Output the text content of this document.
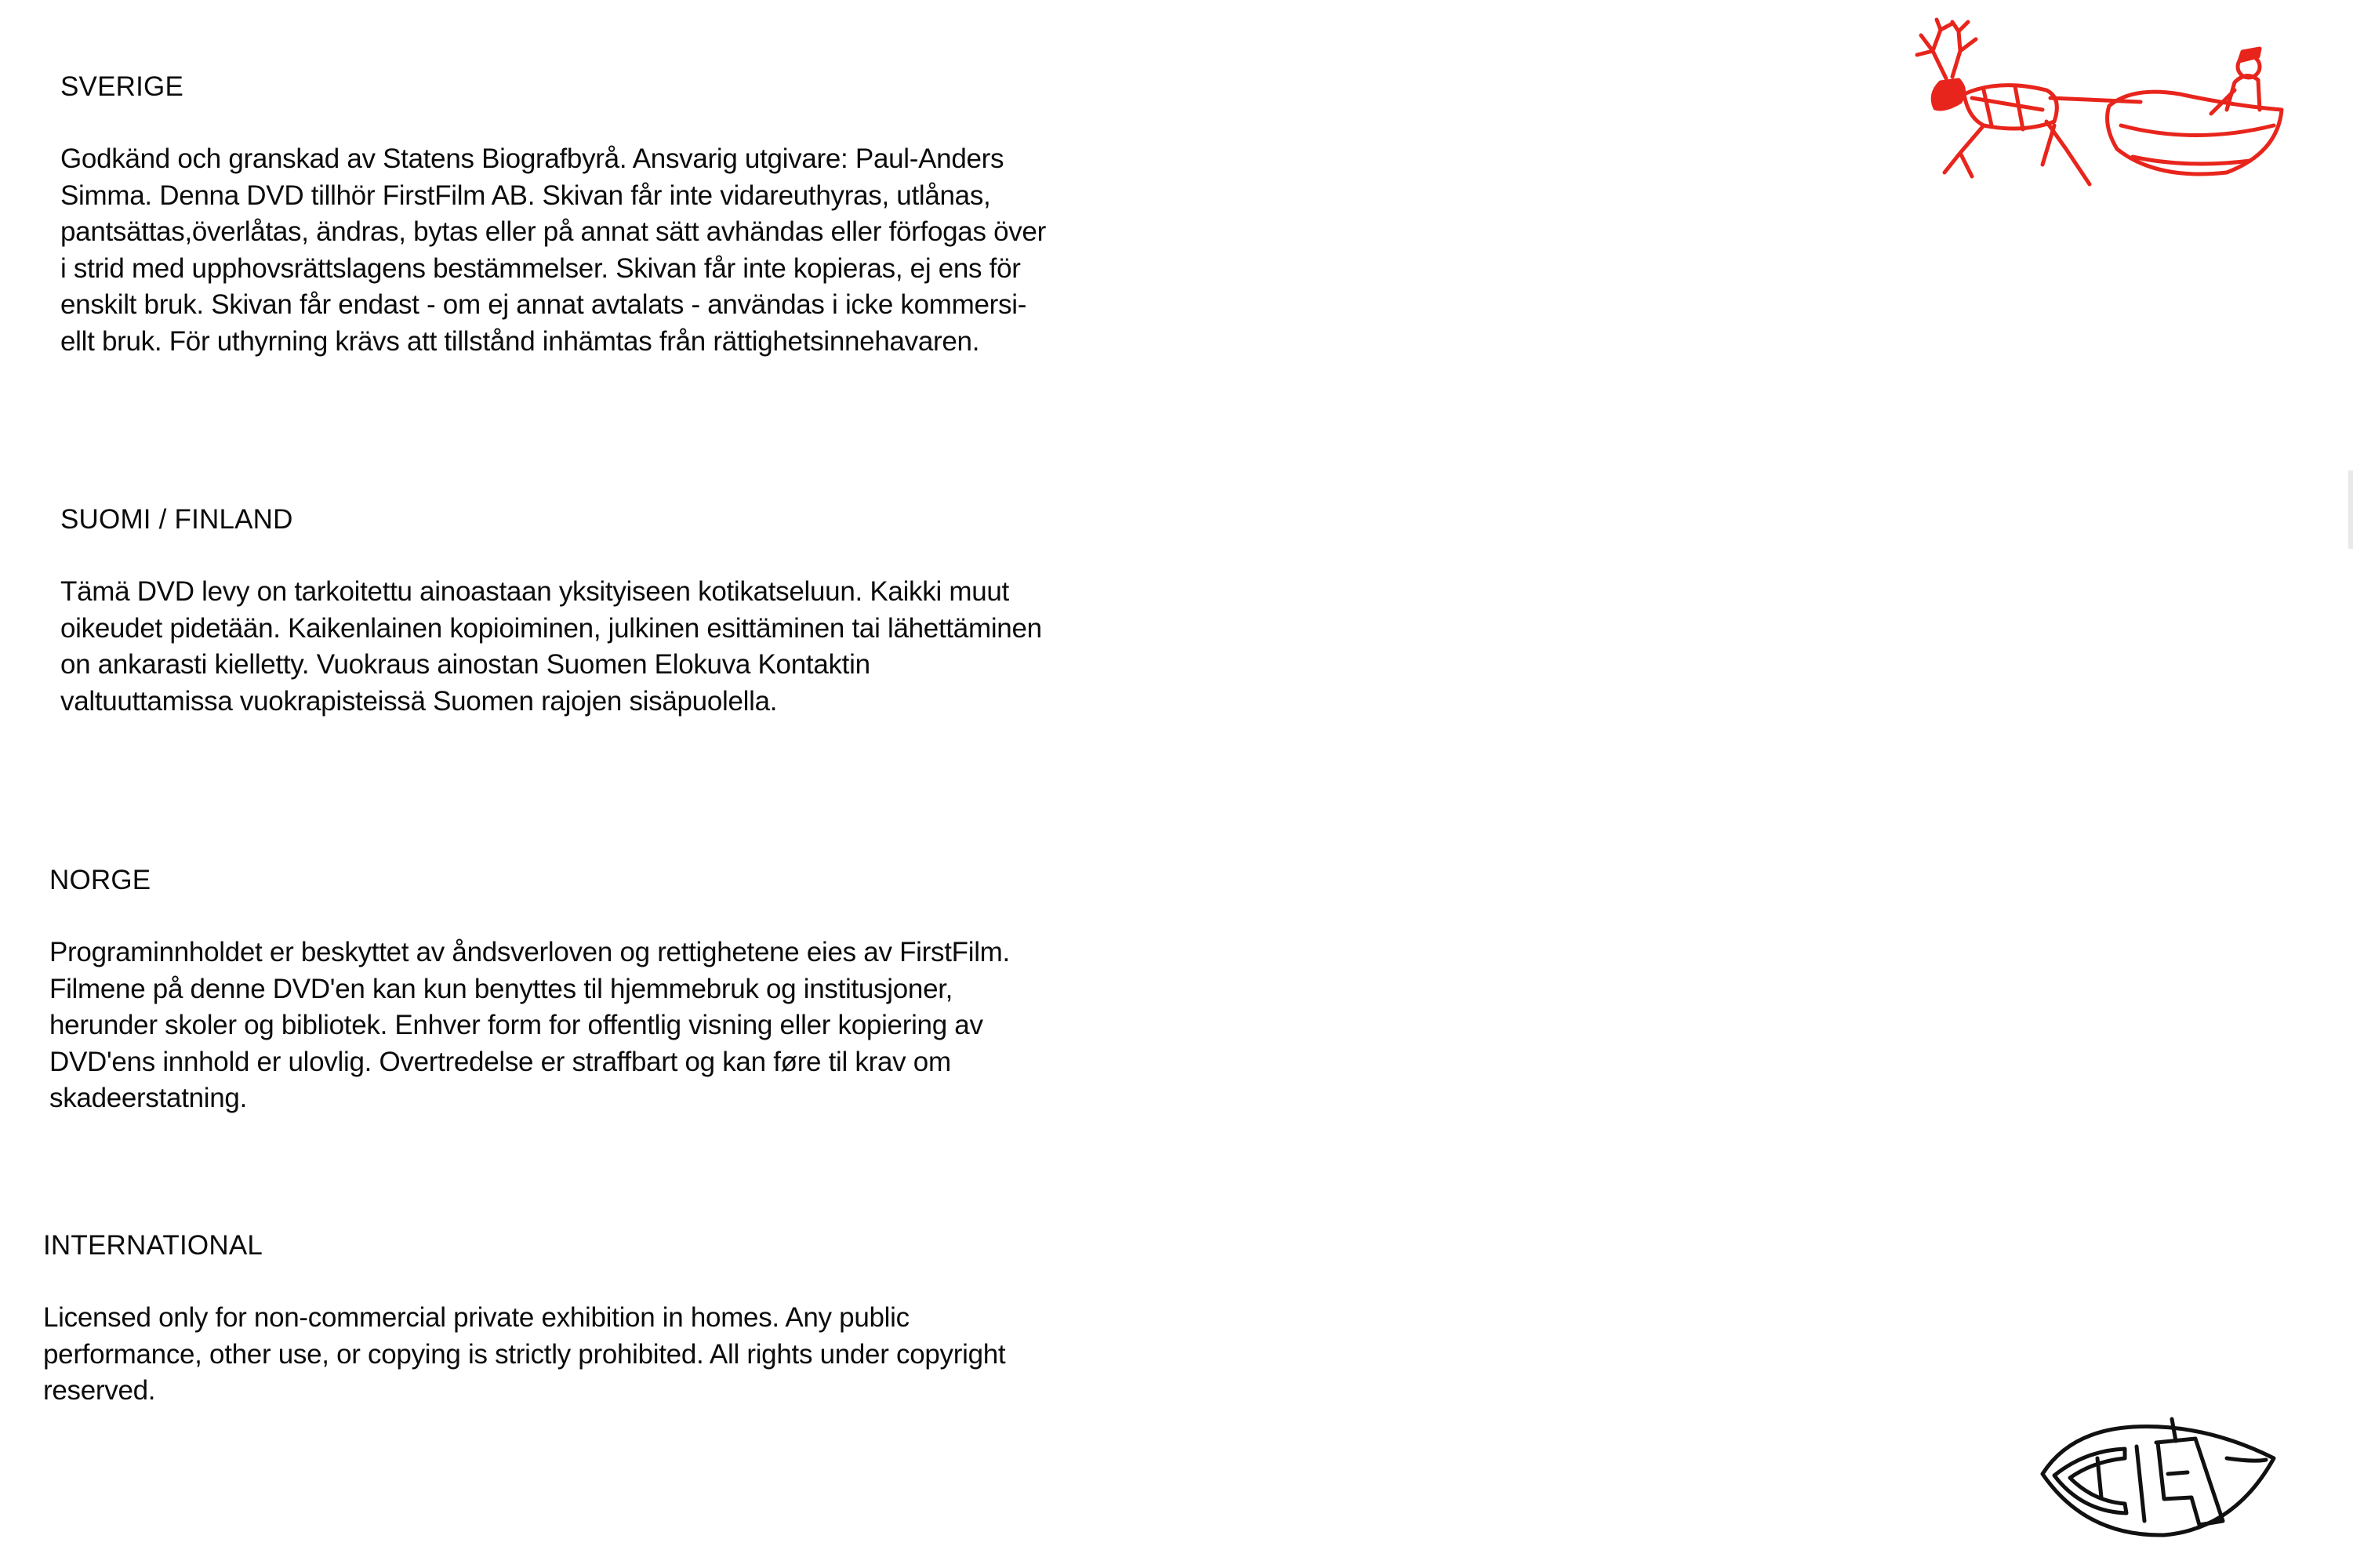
SVERIGE

Godkänd och granskad av Statens Biografbyrå. Ansvarig utgivare: Paul-Anders
Simma. Denna DVD tillhör FirstFilm AB. Skivan får inte vidareuthyras, utlånas,
pantsättas,överlåtas, ändras, bytas eller på annat sätt avhändas eller förfogas över
i strid med upphovsrättslagens bestämmelser. Skivan får inte kopieras, ej ens för
enskilt bruk. Skivan får endast - om ej annat avtalats - användas i icke kommersi-
ellt bruk. För uthyrning krävs att tillstånd inhämtas från rättighetsinnehavaren.

SUOMI / FINLAND

Tämä DVD levy on tarkoitettu ainoastaan yksityiseen kotikatseluun. Kaikki muut
oikeudet pidetään. Kaikenlainen kopioiminen, julkinen esittäminen tai lähettäminen
on ankarasti kielletty. Vuokraus ainostan Suomen Elokuva Kontaktin
valtuuttamissa vuokrapisteissä Suomen rajojen sisäpuolella.

NORGE

Programinnholdet er beskyttet av åndsverloven og rettighetene eies av FirstFilm.
Filmene på denne DVD'en kan kun benyttes til hjemmebruk og institusjoner,
herunder skoler og bibliotek. Enhver form for offentlig visning eller kopiering av
DVD'ens innhold er ulovlig. Overtredelse er straffbart og kan føre til krav om
skadeerstatning.

INTERNATIONAL

Licensed only for non-commercial private exhibition in homes. Any public
performance, other use, or copying is strictly prohibited. All rights under copyright
reserved.
